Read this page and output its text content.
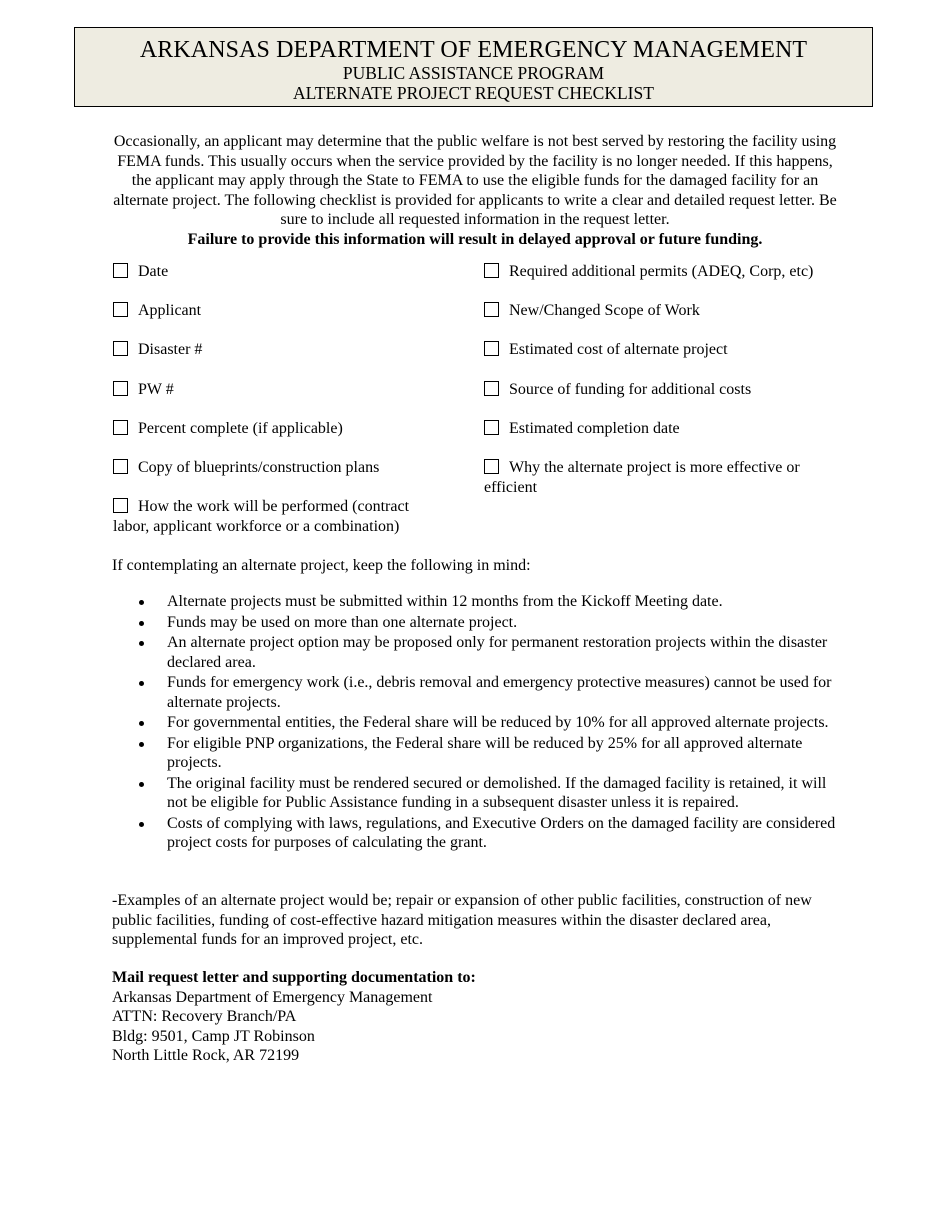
ARKANSAS DEPARTMENT OF EMERGENCY MANAGEMENT
PUBLIC ASSISTANCE PROGRAM
ALTERNATE PROJECT REQUEST CHECKLIST

Occasionally, an applicant may determine that the public welfare is not best served by restoring the facility using FEMA funds. This usually occurs when the service provided by the facility is no longer needed. If this happens, the applicant may apply through the State to FEMA to use the eligible funds for the damaged facility for an alternate project. The following checklist is provided for applicants to write a clear and detailed request letter. Be sure to include all requested information in the request letter.

Failure to provide this information will result in delayed approval or future funding.

Date
Applicant
Disaster #
PW #
Percent complete (if applicable)
Copy of blueprints/construction plans
How the work will be performed (contract labor, applicant workforce or a combination)
Required additional permits (ADEQ, Corp, etc)
New/Changed Scope of Work
Estimated cost of alternate project
Source of funding for additional costs
Estimated completion date
Why the alternate project is more effective or efficient

If contemplating an alternate project, keep the following in mind:

Alternate projects must be submitted within 12 months from the Kickoff Meeting date.
Funds may be used on more than one alternate project.
An alternate project option may be proposed only for permanent restoration projects within the disaster declared area.
Funds for emergency work (i.e., debris removal and emergency protective measures) cannot be used for alternate projects.
For governmental entities, the Federal share will be reduced by 10% for all approved alternate projects.
For eligible PNP organizations, the Federal share will be reduced by 25% for all approved alternate projects.
The original facility must be rendered secured or demolished. If the damaged facility is retained, it will not be eligible for Public Assistance funding in a subsequent disaster unless it is repaired.
Costs of complying with laws, regulations, and Executive Orders on the damaged facility are considered project costs for purposes of calculating the grant.

-Examples of an alternate project would be; repair or expansion of other public facilities, construction of new public facilities, funding of cost-effective hazard mitigation measures within the disaster declared area, supplemental funds for an improved project, etc.

Mail request letter and supporting documentation to:
Arkansas Department of Emergency Management
ATTN: Recovery Branch/PA
Bldg: 9501, Camp JT Robinson
North Little Rock, AR 72199
